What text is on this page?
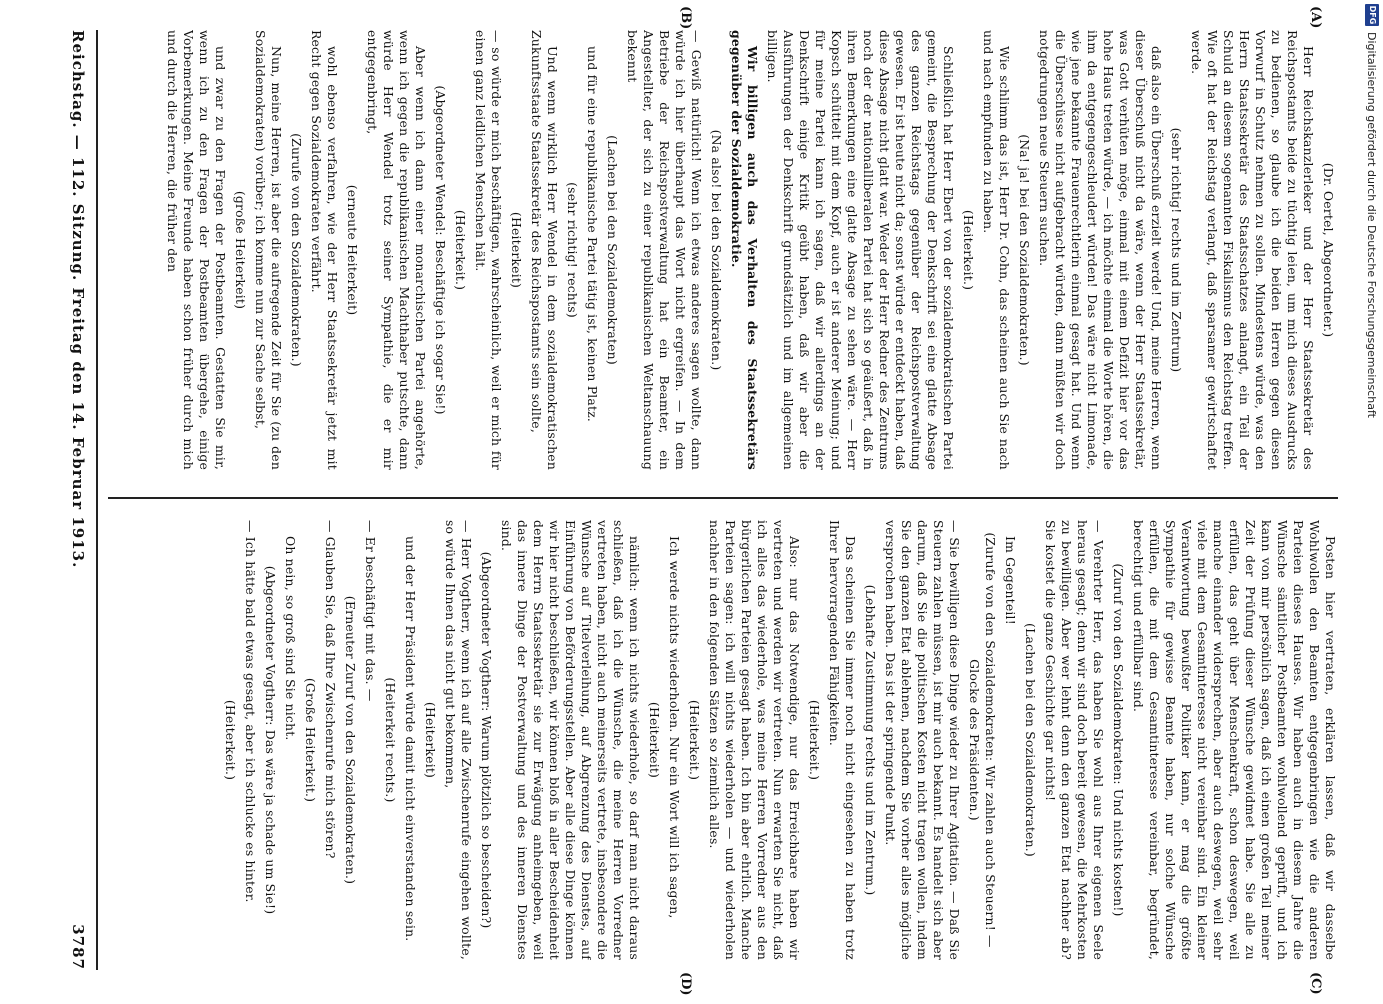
DFG
Digitalisierung gefördert durch die Deutsche Forschungsgemeinschaft
(A)
(B)
(C)
(D)

(Dr. Oertel, Abgeordneter.)

Herr Reichskanzlerleker und der Herr Staatssekretär des Reichspostamts beide zu tüchtig leien, um mich dieses Ausdrucks zu bedienen, so glaube ich die beiden Herren gegen diesen Vorwurf in Schutz nehmen zu sollen. Mindestens würde, was den Herrn Staatssekretär des Staatsschatzes anlangt, ein Teil der Schuld an diesem sogenannten Fiskalismus den Reichstag treffen. Wie oft hat der Reichstag verlangt, daß sparsamer gewirtschaftet werde.

(sehr richtig! rechts und im Zentrum)

daß also ein Überschuß erzielt werde! Und, meine Herren, wenn dieser Überschuß nicht da wäre, wenn der Herr Staatssekretär, was Gott verhüten möge, einmal mit einem Defizit hier vor das hohe Haus treten würde, — ich möchte einmal die Worte hören, die ihm da entgegengeschleudert würden! Das wäre nicht Limonade, wie jene bekannte Frauenrechtlerin einmal gesagt hat. Und wenn die Überschüsse nicht aufgebracht würden, dann müßten wir doch notgedrungen neue Steuern suchen.

(Na! ja! bei den Sozialdemokraten.)

Wie schlimm das ist, Herr Dr. Cohn, das scheinen auch Sie nach und nach empfunden zu haben.

(Heiterkeit.)

Schließlich hat Herr Ebert von der sozialdemokratischen Partei gemeint, die Besprechung der Denkschrift sei eine glatte Absage des ganzen Reichstags gegenüber der Reichspostverwaltung gewesen. Er ist heute nicht da; sonst würde er entdeckt haben, daß diese Absage nicht glatt war. Weder der Herr Redner des Zentrums noch der der nationalliberalen Partei hat sich so geäußert, daß in ihren Bemerkungen eine glatte Absage zu sehen wäre. — Herr Kopsch schüttelt mit dem Kopf, auch er ist anderer Meinung; und für meine Partei kann ich sagen, daß wir allerdings an der Denkschrift einige Kritik geübt haben, daß wir aber die Ausführungen der Denkschrift grundsätzlich und im allgemeinen billigen.

Wir billigen auch das Verhalten des Staatssekretärs gegenüber der Sozialdemokratie.

(Na also! bei den Sozialdemokraten.)

— Gewiß natürlich! Wenn ich etwas anderes sagen wollte, dann würde ich hier überhaupt das Wort nicht ergreifen. — In dem Betriebe der Reichspostverwaltung hat ein Beamter, ein Angestellter, der sich zu einer republikanischen Weltanschauung bekennt

(Lachen bei den Sozialdemokraten)

und für eine republikanische Partei tätig ist, keinen Platz.

(sehr richtig! rechts)

Und wenn wirklich Herr Wendel in dem sozialdemokratischen Zukunftsstaate Staatssekretär des Reichspostamts sein sollte,

(Heiterkeit)

— so würde er mich beschäftigen, wahrscheinlich, weil er mich für einen ganz leidlichen Menschen hält.

(Heiterkeit.)

(Abgeordneter Wendel: Beschäftige ich sogar Sie!)

Aber wenn ich dann einer monarchischen Partei angehörte, wenn ich gegen die republikanischen Machthaber putschte, dann würde Herr Wendel trotz seiner Sympathie, die er mir entgegenbringt,

(erneute Heiterkeit)

wohl ebenso verfahren, wie der Herr Staatssekretär jetzt mit Recht gegen Sozialdemokraten verfährt.

(Zurufe von den Sozialdemokraten.)

Nun, meine Herren, ist aber die aufregende Zeit für Sie (zu den Sozialdemokraten) vorüber; ich komme nun zur Sache selbst,

(große Heiterkeit)

und zwar zu den Fragen der Postbeamten. Gestatten Sie mir, wenn ich zu den Fragen der Postbeamten übergehe, einige Vorbemerkungen. Meine Freunde haben schon früher durch mich und durch die Herren, die früher den

Posten hier vertraten, erklären lassen, daß wir dasselbe Wohlwollen den Beamten entgegenbringen wie die anderen Parteien dieses Hauses. Wir haben auch in diesem Jahre die Wünsche sämtlicher Postbeamten wohlwollend geprüft, und ich kann von mir persönlich sagen, daß ich einen großen Teil meiner Zeit der Prüfung dieser Wünsche gewidmet habe. Sie alle zu erfüllen, das geht über Menschenkraft, schon deswegen, weil manche einander widersprechen, aber auch deswegen, weil sehr viele mit dem Gesamtinteresse nicht vereinbar sind. Ein kleiner Verantwortung bewußter Politiker kann, er mag die größte Sympathie für gewisse Beamte haben, nur solche Wünsche erfüllen, die mit dem Gesamtinteresse vereinbar, begründet, berechtigt und erfüllbar sind.

(Zuruf von den Sozialdemokraten: Und nichts kosten!)

— Verehrter Herr, das haben Sie wohl aus Ihrer eigenen Seele heraus gesagt; denn wir sind doch bereit gewesen, die Mehrkosten zu bewilligen. Aber wer lehnt denn den ganzen Etat nachher ab? Sie kostet die ganze Geschichte gar nichts!

(Lachen bei den Sozialdemokraten.)

Im Gegenteil!

(Zurufe von den Sozialdemokraten: Wir zahlen auch Steuern! — Glocke des Präsidenten.)

— Sie bewilligen diese Dinge wieder zu Ihrer Agitation. — Daß Sie Steuern zahlen müssen, ist mir auch bekannt. Es handelt sich aber darum, daß Sie die politischen Kosten nicht tragen wollen, indem Sie den ganzen Etat ablehnen, nachdem Sie vorher alles mögliche versprochen haben. Das ist der springende Punkt.

(Lebhafte Zustimmung rechts und im Zentrum.)

Das scheinen Sie immer noch nicht eingesehen zu haben trotz Ihrer hervorragenden Fähigkeiten.

(Heiterkeit.)

Also: nur das Notwendige, nur das Erreichbare haben wir vertreten und werden wir vertreten. Nun erwarten Sie nicht, daß ich alles das wiederhole, was meine Herren Vorredner aus den bürgerlichen Parteien gesagt haben. Ich bin aber ehrlich. Manche Parteien sagen: ich will nichts wiederholen — und wiederholen nachher in den folgenden Sätzen so ziemlich alles.

(Heiterkeit.)

Ich werde nichts wiederholen. Nur ein Wort will ich sagen,

(Heiterkeit)

nämlich: wenn ich nichts wiederhole, so darf man nicht daraus schließen, daß ich die Wünsche, die meine Herren Vorredner vertreten haben, nicht auch meinerseits vertrete, insbesondere die Wünsche auf Titelverleihung, auf Abgrenzung des Dienstes, auf Einführung von Beförderungsstellen. Aber alle diese Dinge können wir hier nicht beschließen, wir können bloß in aller Bescheidenheit dem Herrn Staatssekretär sie zur Erwägung anheimgeben, weil das innere Dinge der Postverwaltung und des inneren Dienstes sind.

(Abgeordneter Vogtherr: Warum plötzlich so bescheiden?)

— Herr Vogtherr, wenn ich auf alle Zwischenrufe eingehen wollte, so würde Ihnen das nicht gut bekommen,

(Heiterkeit)

und der Herr Präsident würde damit nicht einverstanden sein.

(Heiterkeit rechts.)

— Er beschäftigt mit das. —

(Erneuter Zuruf von den Sozialdemokraten.)

— Glauben Sie, daß Ihre Zwischenrufe mich stören?

(Große Heiterkeit.)

Oh nein, so groß sind Sie nicht.

(Abgeordneter Vogtherr: Das wäre ja schade um Sie!)

— Ich hätte bald etwas gesagt, aber ich schlucke es hinter.

(Heiterkeit.)

Reichstag. — 112. Sitzung. Freitag den 14. Februar 1913.
3787
